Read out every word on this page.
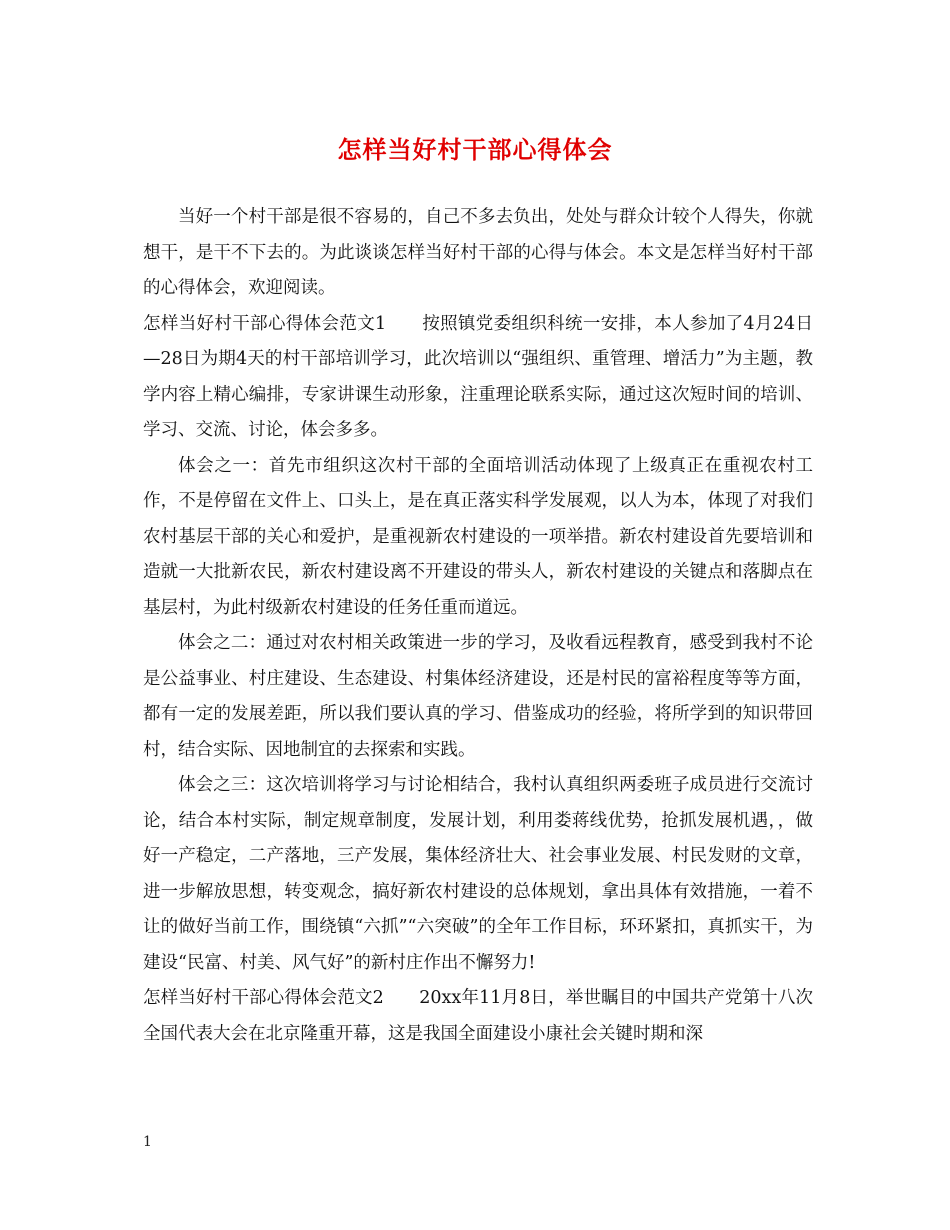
怎样当好村干部心得体会

当好一个村干部是很不容易的，自己不多去负出，处处与群众计较个人得失，你就想干，是干不下去的。为此谈谈怎样当好村干部的心得与体会。本文是怎样当好村干部的心得体会，欢迎阅读。

怎样当好村干部心得体会范文1　　按照镇党委组织科统一安排，本人参加了4月24日—28日为期4天的村干部培训学习，此次培训以“强组织、重管理、增活力”为主题，教学内容上精心编排，专家讲课生动形象，注重理论联系实际，通过这次短时间的培训、学习、交流、讨论，体会多多。

体会之一：首先市组织这次村干部的全面培训活动体现了上级真正在重视农村工作，不是停留在文件上、口头上，是在真正落实科学发展观，以人为本，体现了对我们农村基层干部的关心和爱护，是重视新农村建设的一项举措。新农村建设首先要培训和造就一大批新农民，新农村建设离不开建设的带头人，新农村建设的关键点和落脚点在基层村，为此村级新农村建设的任务任重而道远。

体会之二：通过对农村相关政策进一步的学习，及收看远程教育，感受到我村不论是公益事业、村庄建设、生态建设、村集体经济建设，还是村民的富裕程度等等方面，都有一定的发展差距，所以我们要认真的学习、借鉴成功的经验，将所学到的知识带回村，结合实际、因地制宜的去探索和实践。

体会之三：这次培训将学习与讨论相结合，我村认真组织两委班子成员进行交流讨论，结合本村实际，制定规章制度，发展计划，利用娄蒋线优势，抢抓发展机遇，，做好一产稳定，二产落地，三产发展，集体经济壮大、社会事业发展、村民发财的文章，进一步解放思想，转变观念，搞好新农村建设的总体规划，拿出具体有效措施，一着不让的做好当前工作，围绕镇“六抓”“六突破”的全年工作目标，环环紧扣，真抓实干，为建设“民富、村美、风气好”的新村庄作出不懈努力!

怎样当好村干部心得体会范文2　　20xx年11月8日，举世瞩目的中国共产党第十八次全国代表大会在北京隆重开幕，这是我国全面建设小康社会关键时期和深

1
